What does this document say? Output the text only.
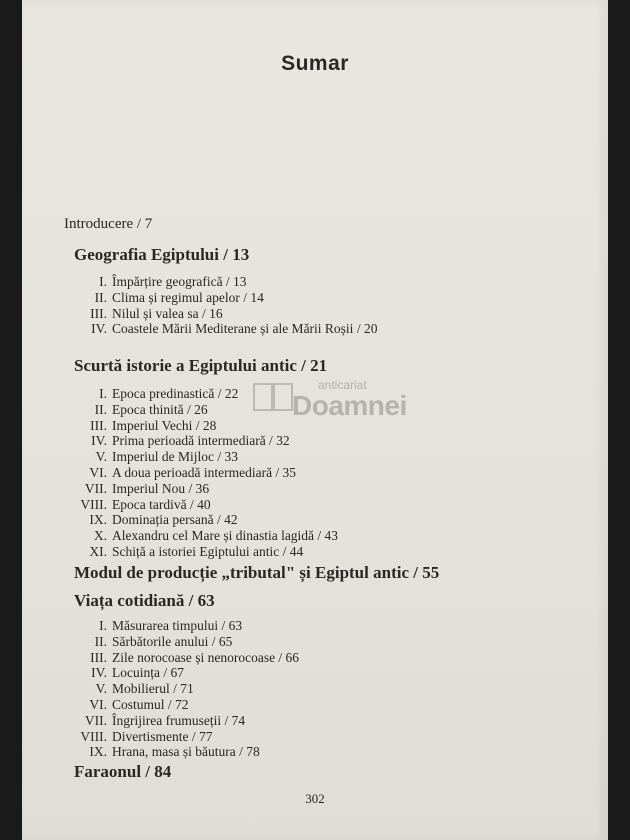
Sumar
Introducere / 7
Geografia Egiptului / 13
I. Împărțire geografică / 13
II. Clima și regimul apelor / 14
III. Nilul și valea sa / 16
IV. Coastele Mării Mediterane și ale Mării Roșii / 20
Scurtă istorie a Egiptului antic / 21
I. Epoca predinastică / 22
II. Epoca thinită / 26
III. Imperiul Vechi / 28
IV. Prima perioadă intermediară / 32
V. Imperiul de Mijloc / 33
VI. A doua perioadă intermediară / 35
VII. Imperiul Nou / 36
VIII. Epoca tardivă / 40
IX. Dominația persană / 42
X. Alexandru cel Mare și dinastia lagidă / 43
XI. Schiță a istoriei Egiptului antic / 44
Modul de producție „tributal" și Egiptul antic / 55
Viața cotidiană / 63
I. Măsurarea timpului / 63
II. Sărbătorile anului / 65
III. Zile norocoase și nenorocoase / 66
IV. Locuința / 67
V. Mobilierul / 71
VI. Costumul / 72
VII. Îngrijirea frumuseții / 74
VIII. Divertismente / 77
IX. Hrana, masa și băutura / 78
Faraonul / 84
anticariat
Doamnei
302
